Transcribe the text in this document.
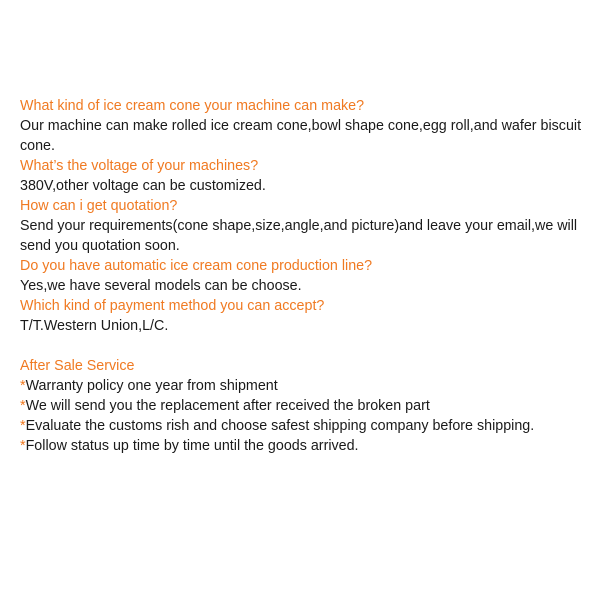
What kind of ice cream cone your machine can make?

Our machine can make rolled ice cream cone,bowl shape cone,egg roll,and wafer biscuit cone.

What’s the voltage of your machines?

380V,other voltage can be customized.

How can i get quotation?

Send your requirements(cone shape,size,angle,and picture)and leave your email,we will send you quotation soon.

Do you have automatic ice cream cone production line?

Yes,we have several models can be choose.

Which kind of payment method you can accept?

T/T.Western Union,L/C.

After Sale Service

*Warranty policy one year from shipment

*We will send you the replacement after received the broken part

*Evaluate the customs rish and choose safest shipping company before shipping.

*Follow status up time by time until the goods arrived.
